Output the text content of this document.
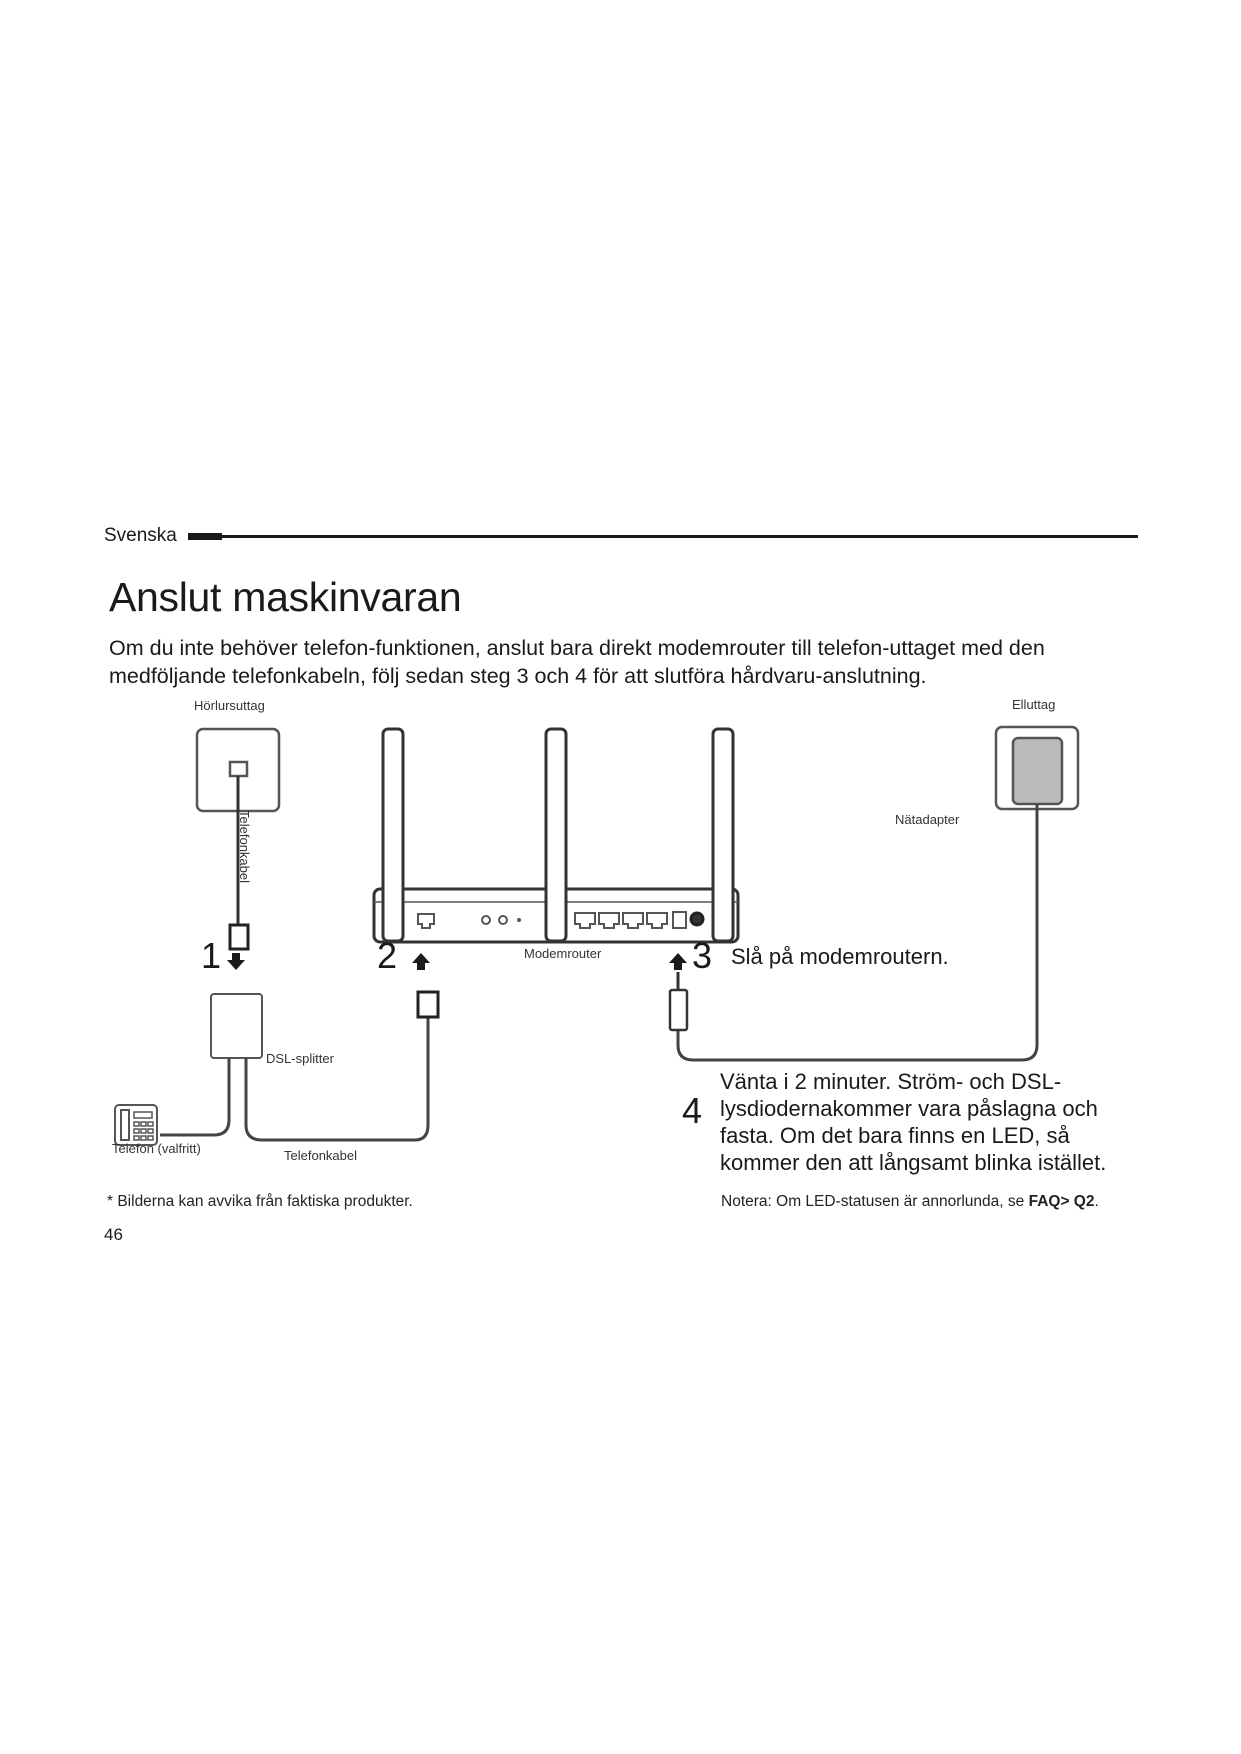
Svenska
Anslut maskinvaran
Om du inte behöver telefon-funktionen, anslut bara direkt modemrouter till telefon-uttaget med den medföljande telefonkabeln, följ sedan steg 3 och 4 för att slutföra hårdvaru-anslutning.
Hörlursuttag	Elluttag
Nätadapter
Modemrouter
DSL-splitter
Telefon (valfritt)	Telefonkabel
Telefonkabel
1	2	3 Slå på modemroutern.
4
Vänta i 2 minuter. Ström- och DSL-
lysdiodernakommer vara påslagna och
fasta. Om det bara finns en LED, så
kommer den att långsamt blinka istället.
* Bilderna kan avvika från faktiska produkter.	Notera: Om LED-statusen är annorlunda, se FAQ> Q2.
46
